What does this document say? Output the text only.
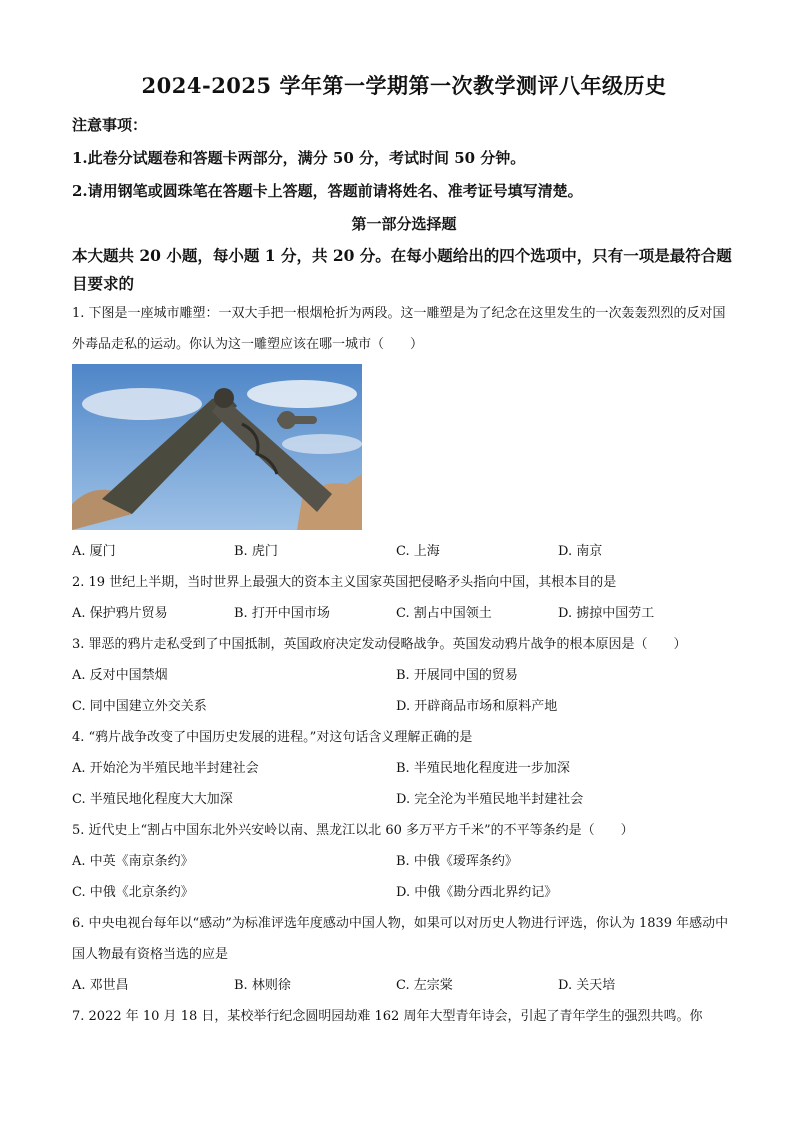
2024-2025 学年第一学期第一次教学测评八年级历史

注意事项：

1.此卷分试题卷和答题卡两部分，满分 50 分，考试时间 50 分钟。

2.请用钢笔或圆珠笔在答题卡上答题，答题前请将姓名、准考证号填写清楚。

第一部分选择题
本大题共 20 小题，每小题 1 分，共 20 分。在每小题给出的四个选项中，只有一项是最符合题目要求的

1. 下图是一座城市雕塑：一双大手把一根烟枪折为两段。这一雕塑是为了纪念在这里发生的一次轰轰烈烈的反对国外毒品走私的运动。你认为这一雕塑应该在哪一城市（　　）

A. 厦门	B. 虎门	C. 上海	D. 南京

2. 19 世纪上半期，当时世界上最强大的资本主义国家英国把侵略矛头指向中国，其根本目的是

A. 保护鸦片贸易	B. 打开中国市场	C. 割占中国领土	D. 掳掠中国劳工

3. 罪恶的鸦片走私受到了中国抵制，英国政府决定发动侵略战争。英国发动鸦片战争的根本原因是（　　）

A. 反对中国禁烟	B. 开展同中国的贸易
C. 同中国建立外交关系	D. 开辟商品市场和原料产地

4. “鸦片战争改变了中国历史发展的进程。”对这句话含义理解正确的是

A. 开始沦为半殖民地半封建社会	B. 半殖民地化程度进一步加深
C. 半殖民地化程度大大加深	D. 完全沦为半殖民地半封建社会

5. 近代史上“割占中国东北外兴安岭以南、黑龙江以北 60 多万平方千米”的不平等条约是（　　）

A. 中英《南京条约》	B. 中俄《瑷珲条约》
C. 中俄《北京条约》	D. 中俄《勘分西北界约记》

6. 中央电视台每年以“感动”为标准评选年度感动中国人物，如果可以对历史人物进行评选，你认为 1839 年感动中国人物最有资格当选的应是

A. 邓世昌	B. 林则徐	C. 左宗棠	D. 关天培

7. 2022 年 10 月 18 日，某校举行纪念圆明园劫难 162 周年大型青年诗会，引起了青年学生的强烈共鸣。你
